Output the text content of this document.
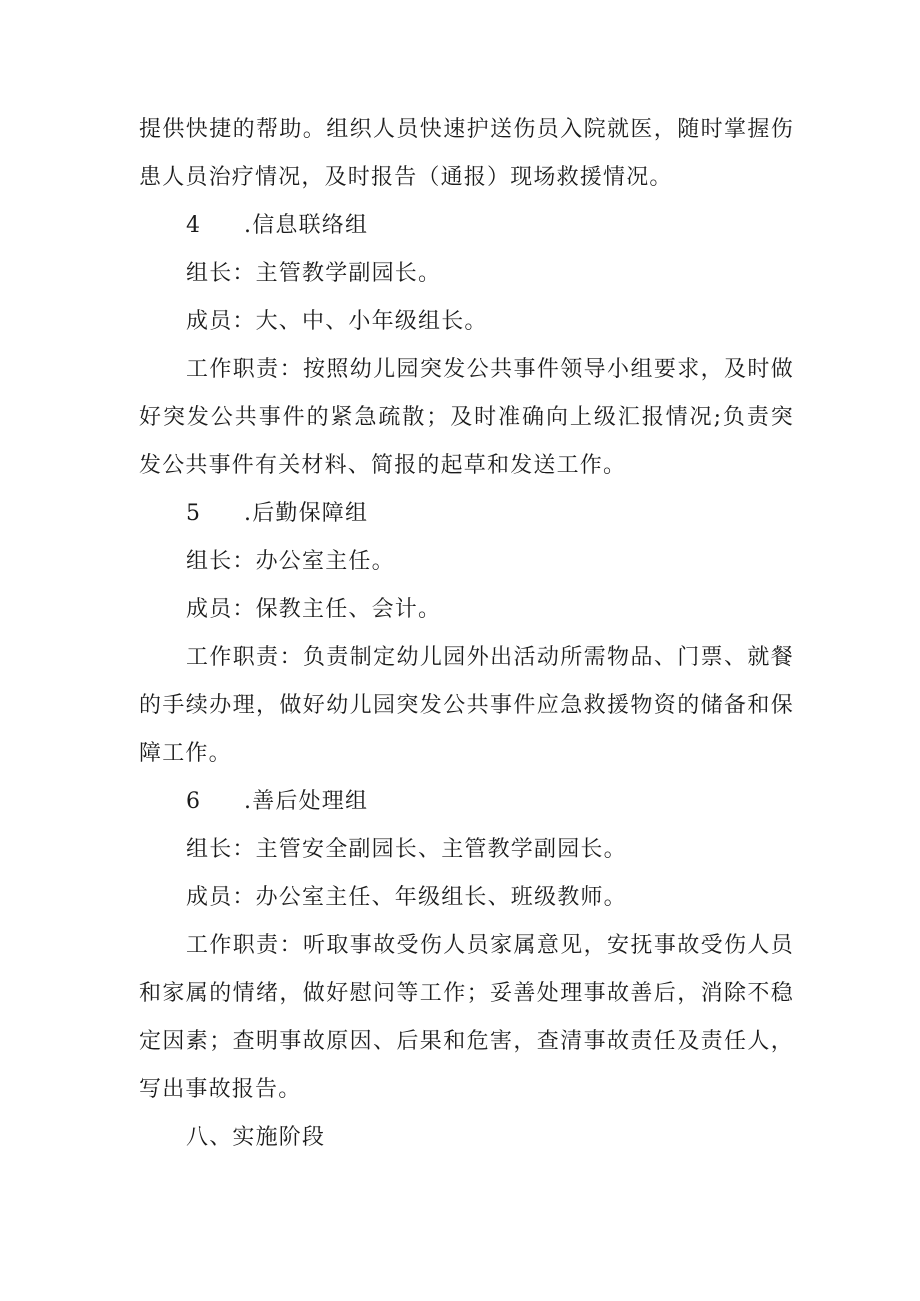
提供快捷的帮助。组织人员快速护送伤员入院就医，随时掌握伤患人员治疗情况，及时报告（通报）现场救援情况。

4 .信息联络组

组长：主管教学副园长。

成员：大、中、小年级组长。

工作职责：按照幼儿园突发公共事件领导小组要求，及时做好突发公共事件的紧急疏散；及时准确向上级汇报情况;负责突发公共事件有关材料、简报的起草和发送工作。

5 .后勤保障组

组长：办公室主任。

成员：保教主任、会计。

工作职责：负责制定幼儿园外出活动所需物品、门票、就餐的手续办理，做好幼儿园突发公共事件应急救援物资的储备和保障工作。

6 .善后处理组

组长：主管安全副园长、主管教学副园长。

成员：办公室主任、年级组长、班级教师。

工作职责：听取事故受伤人员家属意见，安抚事故受伤人员和家属的情绪，做好慰问等工作；妥善处理事故善后，消除不稳定因素；查明事故原因、后果和危害，查清事故责任及责任人，写出事故报告。

八、实施阶段
